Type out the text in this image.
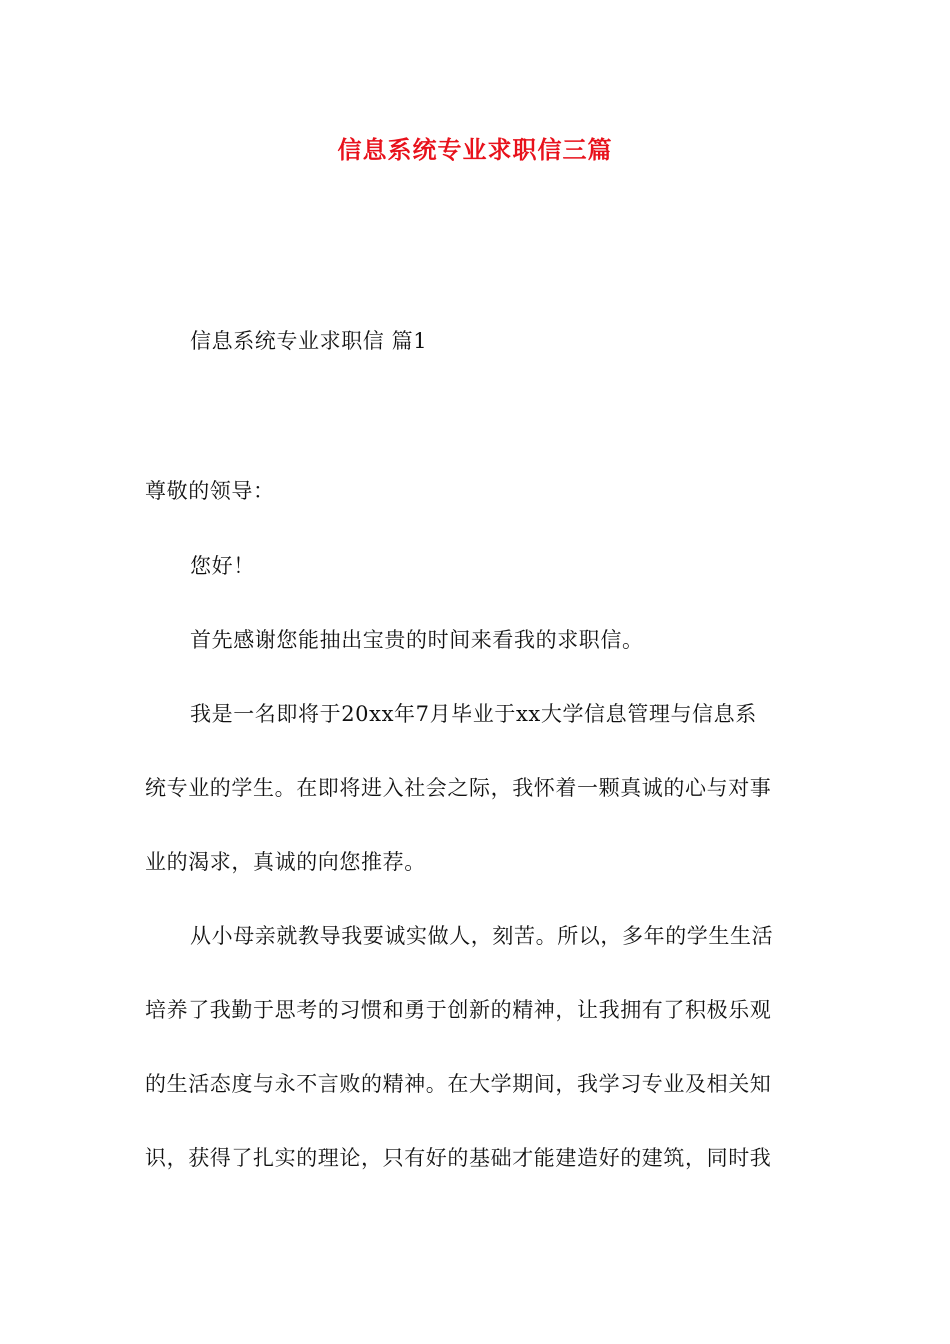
信息系统专业求职信三篇
信息系统专业求职信 篇1
尊敬的领导：

您好！

首先感谢您能抽出宝贵的时间来看我的求职信。

我是一名即将于20xx年7月毕业于xx大学信息管理与信息系
统专业的学生。在即将进入社会之际，我怀着一颗真诚的心与对事
业的渴求，真诚的向您推荐。

从小母亲就教导我要诚实做人，刻苦。所以，多年的学生生活
培养了我勤于思考的习惯和勇于创新的精神，让我拥有了积极乐观
的生活态度与永不言败的精神。在大学期间，我学习专业及相关知
识，获得了扎实的理论，只有好的基础才能建造好的建筑，同时我
